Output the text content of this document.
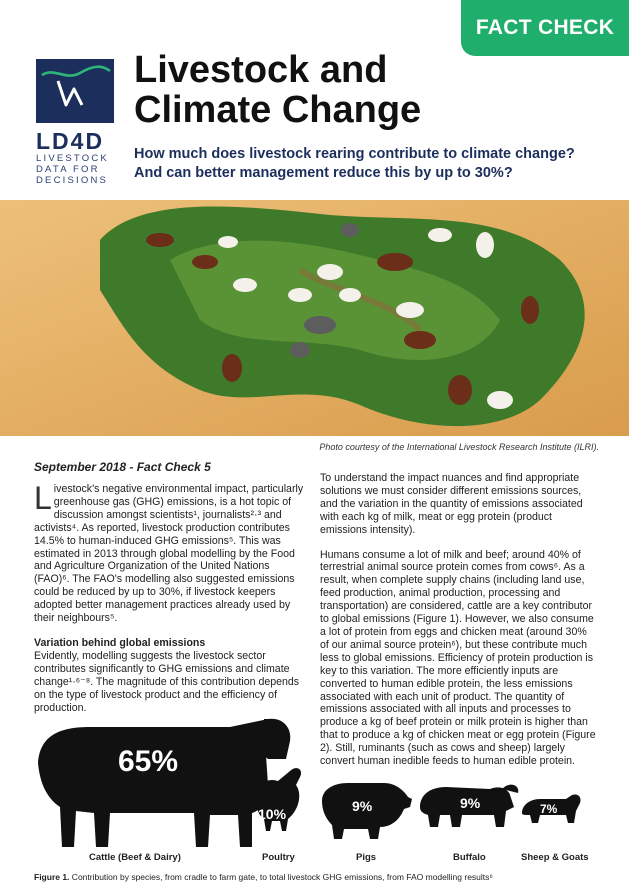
FACT CHECK
LD4D
LIVESTOCK
DATA FOR
DECISIONS
Livestock and
Climate Change
How much does livestock rearing contribute to climate change? And can better management reduce this by up to 30%?
Photo courtesy of the International Livestock Research Institute (ILRI).
September 2018 - Fact Check 5

Livestock's negative environmental impact, particularly greenhouse gas (GHG) emissions, is a hot topic of discussion amongst scientists¹, journalists²·³ and activists⁴. As reported, livestock production contributes 14.5% to human-induced GHG emissions⁵. This was estimated in 2013 through global modelling by the Food and Agriculture Organization of the United Nations (FAO)⁶. The FAO's modelling also suggested emissions could be reduced by up to 30%, if livestock keepers adopted better management practices already used by their neighbours⁵.

Variation behind global emissions

Evidently, modelling suggests the livestock sector contributes significantly to GHG emissions and climate change¹·⁶⁻⁸. The magnitude of this contribution depends on the type of livestock product and the efficiency of production.

To understand the impact nuances and find appropriate solutions we must consider different emissions sources, and the variation in the quantity of emissions associated with each kg of milk, meat or egg protein (product emissions intensity).

Humans consume a lot of milk and beef; around 40% of terrestrial animal source protein comes from cows⁶. As a result, when complete supply chains (including land use, feed production, animal production, processing and transportation) are considered, cattle are a key contributor to global emissions (Figure 1). However, we also consume a lot of protein from eggs and chicken meat (around 30% of our animal source protein⁶), but these contribute much less to global emissions. Efficiency of protein production is key to this variation. The more efficiently inputs are converted to human edible protein, the less emissions associated with each unit of product. The quantity of emissions associated with all inputs and processes to produce a kg of beef protein or milk protein is higher than that to produce a kg of chicken meat or egg protein (Figure 2). Still, ruminants (such as cows and sheep) largely convert human inedible feeds to human edible protein.

65%
10%	9%	9%	7%
Cattle (Beef & Dairy)	Poultry	Pigs	Buffalo	Sheep & Goats
Figure 1. Contribution by species, from cradle to farm gate, to total livestock GHG emissions, from FAO modelling results⁶
